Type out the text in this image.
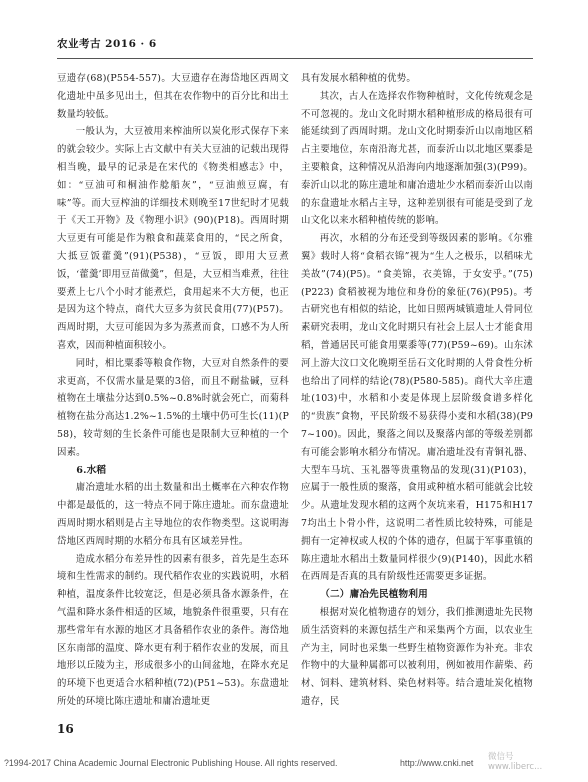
农业考古 2016 · 6

豆遗存(68)(P554-557)。大豆遗存在海岱地区西周文化遗址中虽多见出土，但其在农作物中的百分比和出土数量均较低。

一般认为，大豆被用来榨油所以炭化形式保存下来的就会较少。实际上古文献中有关大豆油的记载出现得相当晚，最早的记录是在宋代的《物类相感志》中，如：“豆油可和桐油作艌船灰”，“豆油煎豆腐，有味”等。而大豆榨油的详细技术则晚至17世纪时才见载于《天工开物》及《物理小识》(90)(P18)。西周时期大豆更有可能是作为粮食和蔬菜食用的，“民之所食，大抵豆饭藿羹”(91)(P538)，“豆饭，即用大豆煮饭，‘藿羹’即用豆苗做羹”，但是，大豆相当难煮，往往要煮上七八个小时才能煮烂，食用起来不大方便，也正是因为这个特点，商代大豆多为贫民食用(77)(P57)。西周时期，大豆可能因为多为蒸煮而食，口感不为人所喜欢，因而种植面积较小。

同时，相比粟黍等粮食作物，大豆对自然条件的要求更高，不仅需水量是粟的3倍，而且不耐盐碱，豆科植物在土壤盐分达到0.5%~0.8%时就会死亡，而菊科植物在盐分高达1.2%~1.5%的土壤中仍可生长(11)(P58)，较苛刻的生长条件可能也是限制大豆种植的一个因素。

6.水稻

庸冶遗址水稻的出土数量和出土概率在六种农作物中都是最低的，这一特点不同于陈庄遗址。而东盘遗址西周时期水稻则是占主导地位的农作物类型。这说明海岱地区西周时期的水稻分布具有区域差异性。

造成水稻分布差异性的因素有很多，首先是生态环境和生性需求的制约。现代稻作农业的实践说明，水稻种植，温度条件比较宽泛，但是必须具备水源条件，在气温和降水条件相适的区域，地貌条件很重要，只有在那些常年有水源的地区才具备稻作农业的条件。海岱地区东南部的温度、降水更有利于稻作农业的发展，而且地形以丘陵为主，形成很多小的山间盆地，在降水充足的环境下也更适合水稻种植(72)(P51~53)。东盘遗址所处的环境比陈庄遗址和庸冶遗址更

具有发展水稻种植的优势。

其次，古人在选择农作物种植时，文化传统观念是不可忽视的。龙山文化时期水稻种植形成的格局很有可能延续到了西周时期。龙山文化时期泰沂山以南地区稻占主要地位，东南沿海尤甚，而泰沂山以北地区粟黍是主要粮食，这种情况从沿海向内地逐渐加强(3)(P99)。泰沂山以北的陈庄遗址和庸冶遗址少水稻而泰沂山以南的东盘遗址水稻占主导，这种差别很有可能是受到了龙山文化以来水稻种植传统的影响。

再次，水稻的分布还受到等级因素的影响。《尔雅翼》载时人将“食稻衣锦”视为“生人之极乐，以稻味尤美故”(74)(P5)。“食美锦，衣美锦，于女安乎。”(75)(P223) 食稻被视为地位和身份的象征(76)(P95)。考古研究也有相似的结论，比如日照两城镇遗址人骨同位素研究表明，龙山文化时期只有社会上层人士才能食用稻，普通居民可能食用粟黍等(77)(P59~69)。山东沭河上游大汶口文化晚期至岳石文化时期的人骨食性分析也给出了同样的结论(78)(P580-585)。商代大辛庄遗址(103)中，水稻和小麦是体现上层阶级食谱多样化的“贵族”食物，平民阶级不易获得小麦和水稻(38)(P97~100)。因此，聚落之间以及聚落内部的等级差别都有可能会影响水稻分布情况。庸冶遗址没有青铜礼器、大型车马坑、玉礼器等贵重物品的发现(31)(P103)，应属于一般性质的聚落，食用或种植水稻可能就会比较少。从遗址发现水稻的这两个灰坑来看，H175和H177均出土卜骨小件，这说明二者性质比较特殊，可能是拥有一定神权或人权的个体的遗存，但属于军事重镇的陈庄遗址水稻出土数量同样很少(9)(P140)，因此水稻在西周是否真的具有阶级性还需要更多证据。

（二）庸冶先民植物利用

根据对炭化植物遗存的划分，我们推测遗址先民物质生活资料的来源包括生产和采集两个方面，以农业生产为主，同时也采集一些野生植物资源作为补充。非农作物中的大量种属都可以被利用，例如被用作薪柴、药材、饲料、建筑材料、染色材料等。结合遗址炭化植物遗存，民

16
?1994-2017 China Academic Journal Electronic Publishing House. All rights reserved.	http://www.cnki.net
微信号
www.liberc...
